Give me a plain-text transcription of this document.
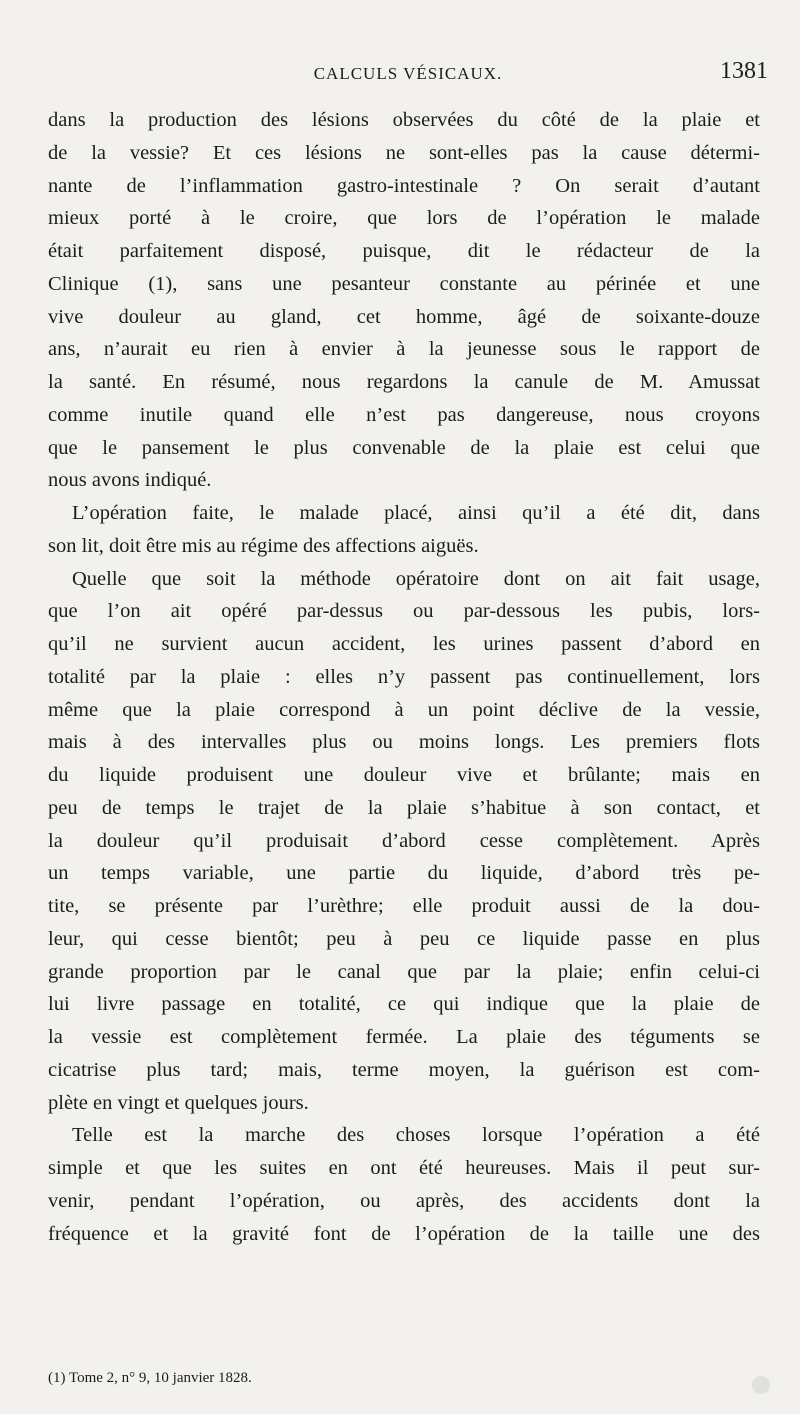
CALCULS VÉSICAUX.	1381
dans la production des lésions observées du côté de la plaie et
de la vessie? Et ces lésions ne sont-elles pas la cause détermi-
nante de l’inflammation gastro-intestinale ? On serait d’autant
mieux porté à le croire, que lors de l’opération le malade
était parfaitement disposé, puisque, dit le rédacteur de la
Clinique (1), sans une pesanteur constante au périnée et une
vive douleur au gland, cet homme, âgé de soixante-douze
ans, n’aurait eu rien à envier à la jeunesse sous le rapport de
la santé. En résumé, nous regardons la canule de M. Amussat
comme inutile quand elle n’est pas dangereuse, nous croyons
que le pansement le plus convenable de la plaie est celui que
nous avons indiqué.
L’opération faite, le malade placé, ainsi qu’il a été dit, dans
son lit, doit être mis au régime des affections aiguës.
Quelle que soit la méthode opératoire dont on ait fait usage,
que l’on ait opéré par-dessus ou par-dessous les pubis, lors-
qu’il ne survient aucun accident, les urines passent d’abord en
totalité par la plaie : elles n’y passent pas continuellement, lors
même que la plaie correspond à un point déclive de la vessie,
mais à des intervalles plus ou moins longs. Les premiers flots
du liquide produisent une douleur vive et brûlante; mais en
peu de temps le trajet de la plaie s’habitue à son contact, et
la douleur qu’il produisait d’abord cesse complètement. Après
un temps variable, une partie du liquide, d’abord très pe-
tite, se présente par l’urèthre; elle produit aussi de la dou-
leur, qui cesse bientôt; peu à peu ce liquide passe en plus
grande proportion par le canal que par la plaie; enfin celui-ci
lui livre passage en totalité, ce qui indique que la plaie de
la vessie est complètement fermée. La plaie des téguments se
cicatrise plus tard; mais, terme moyen, la guérison est com-
plète en vingt et quelques jours.
Telle est la marche des choses lorsque l’opération a été
simple et que les suites en ont été heureuses. Mais il peut sur-
venir, pendant l’opération, ou après, des accidents dont la
fréquence et la gravité font de l’opération de la taille une des
(1) Tome 2, n° 9, 10 janvier 1828.
